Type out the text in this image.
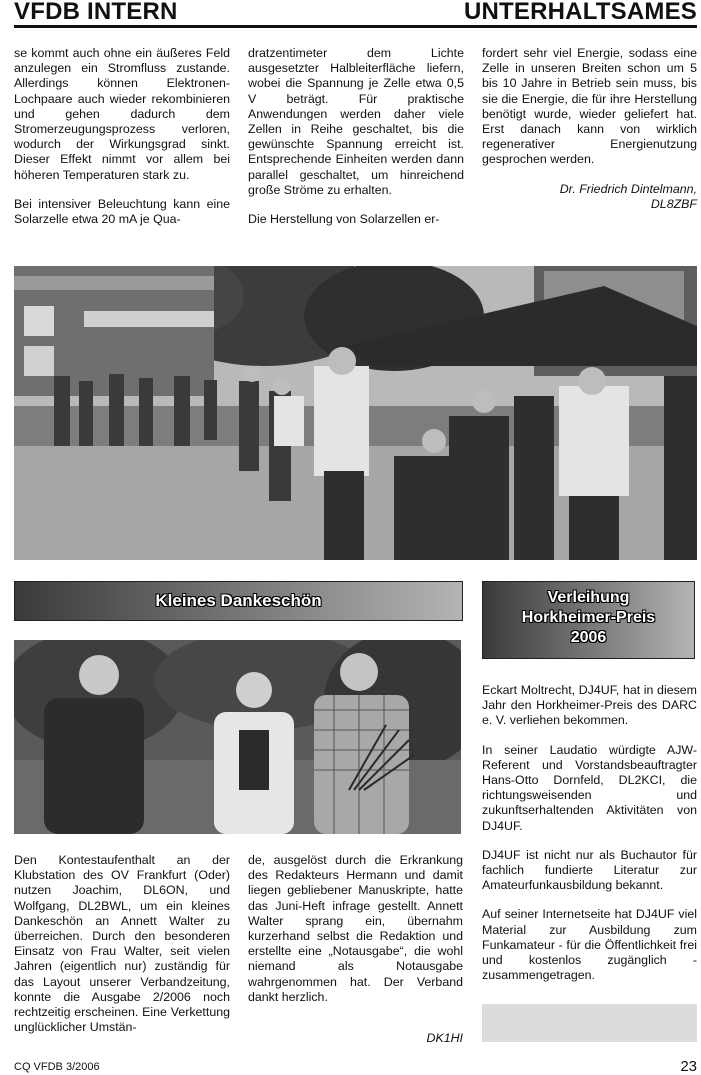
VFDB INTERN	UNTERHALTSAMES

se kommt auch ohne ein äußeres Feld anzulegen ein Stromfluss zustande. Allerdings können Elektronen-Lochpaare auch wieder rekombinieren und gehen dadurch dem Stromerzeugungsprozess verloren, wodurch der Wirkungsgrad sinkt. Dieser Effekt nimmt vor allem bei höheren Temperaturen stark zu.

Bei intensiver Beleuchtung kann eine Solarzelle etwa 20 mA je Qua-

dratzentimeter dem Lichte ausgesetzter Halbleiterfläche liefern, wobei die Spannung je Zelle etwa 0,5 V beträgt. Für praktische Anwendungen werden daher viele Zellen in Reihe geschaltet, bis die gewünschte Spannung erreicht ist. Entsprechende Einheiten werden dann parallel geschaltet, um hinreichend große Ströme zu erhalten.

Die Herstellung von Solarzellen er-

fordert sehr viel Energie, sodass eine Zelle in unseren Breiten schon um 5 bis 10 Jahre in Betrieb sein muss, bis sie die Energie, die für ihre Herstellung benötigt wurde, wieder geliefert hat. Erst danach kann von wirklich regenerativer Energienutzung gesprochen werden.

Dr. Friedrich Dintelmann,
DL8ZBF
Kleines Dankeschön	Verleihung
Horkheimer-Preis
2006

Den Kontestaufenthalt an der Klubstation des OV Frankfurt (Oder) nutzen Joachim, DL6ON, und Wolfgang, DL2BWL, um ein kleines Dankeschön an Annett Walter zu überreichen. Durch den besonderen Einsatz von Frau Walter, seit vielen Jahren (eigentlich nur) zuständig für das Layout unserer Verbandzeitung, konnte die Ausgabe 2/2006 noch rechtzeitig erscheinen. Eine Verkettung unglücklicher Umstän-

de, ausgelöst durch die Erkrankung des Redakteurs Hermann und damit liegen gebliebener Manuskripte, hatte das Juni-Heft infrage gestellt. Annett Walter sprang ein, übernahm kurzerhand selbst die Redaktion und erstellte eine „Notausgabe“, die wohl niemand als Notausgabe wahrgenommen hat. Der Verband dankt herzlich.

DK1HI

Eckart Moltrecht, DJ4UF, hat in diesem Jahr den Horkheimer-Preis des DARC e. V. verliehen bekommen.

In seiner Laudatio würdigte AJW-Referent und Vorstandsbeauftragter Hans-Otto Dornfeld, DL2KCI, die richtungsweisenden und zukunftserhaltenden Aktivitäten von DJ4UF.

DJ4UF ist nicht nur als Buchautor für fachlich fundierte Literatur zur Amateurfunkausbildung bekannt.

Auf seiner Internetseite hat DJ4UF viel Material zur Ausbildung zum Funkamateur - für die Öffentlichkeit frei und kostenlos zugänglich - zusammengetragen.

CQ VFDB 3/2006	23
